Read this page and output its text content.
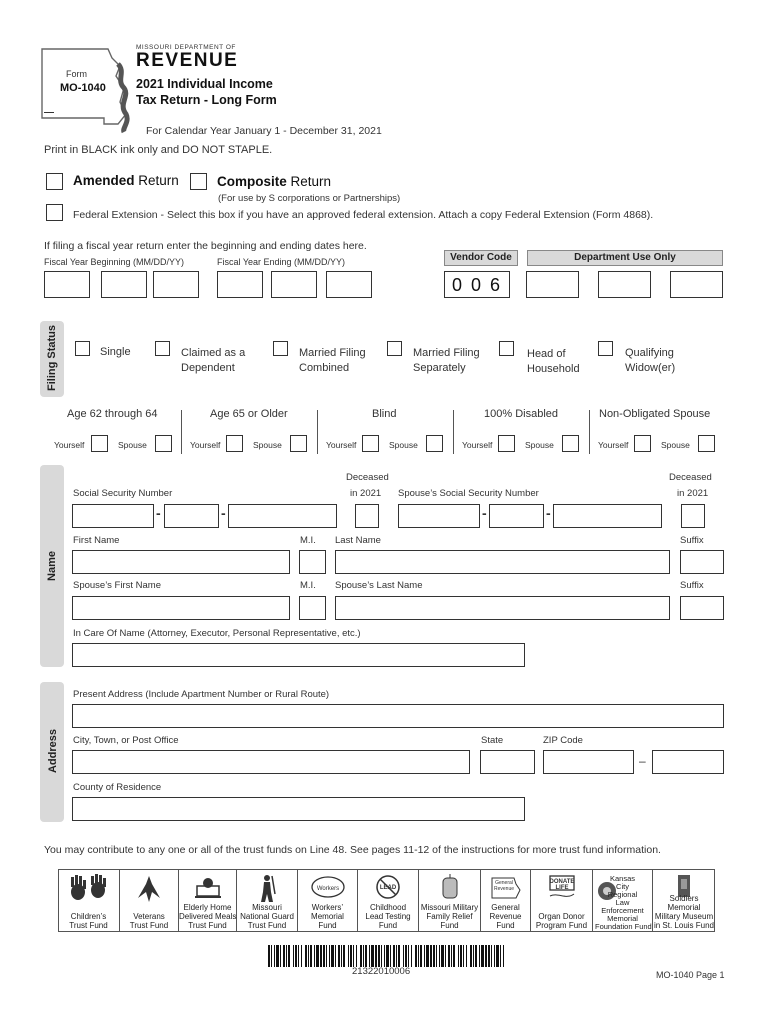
MISSOURI DEPARTMENT OF
REVENUE
Form
MO-1040 2021 Individual Income
Tax Return - Long Form
For Calendar Year January 1 - December 31, 2021
Print in BLACK ink only and DO NOT STAPLE.
Amended Return	Composite Return
(For use by S corporations or Partnerships)
Federal Extension - Select this box if you have an approved federal extension. Attach a copy Federal Extension (Form 4868).
If filing a fiscal year return enter the beginning and ending dates here.
Fiscal Year Beginning (MM/DD/YY)	Fiscal Year Ending (MM/DD/YY)	Vendor Code	Department Use Only
0 0 6
Filing Status	Single	Claimed as a
Dependent
Married Filing
Combined
Married Filing
Separately
Head of
Household
Qualifying
Widow(er)
Age 62 through 64	Age 65 or Older	Blind	100% Disabled	Non-Obligated Spouse
Yourself	Spouse	Yourself	Spouse	Yourself	Spouse	Yourself	Spouse	Yourself	Spouse
Name
Social Security Number
Deceased
in 2021 Spouse’s Social Security Number
Deceased
in 2021
-	-	-	-
First Name	M.I. Last Name	Suffix
Spouse’s First Name	M.I. Spouse’s Last Name	Suffix
In Care Of Name (Attorney, Executor, Personal Representative, etc.)
Address
Present Address (Include Apartment Number or Rural Route)
City, Town, or Post Office	State	ZIP Code
–
County of Residence
You may contribute to any one or all of the trust funds on Line 48. See pages 11-12 of the instructions for more trust fund information.
Children’s
Trust Fund
Veterans
Trust Fund
Elderly Home
Delivered Meals
Trust Fund
Missouri
National Guard
Trust Fund
Workers
Workers’
Memorial
Fund
LEAD
Childhood
Lead Testing
Fund
Missouri Military
Family Relief
Fund
General Revenue
General
Revenue
Fund
DONATE LIFE
Organ Donor
Program Fund
Kansas
City
Regional
Law
Enforcement
Memorial
Foundation Fund
Soldiers
Memorial
Military Museum
in St. Louis Fund
21322010006	MO-1040 Page 1
